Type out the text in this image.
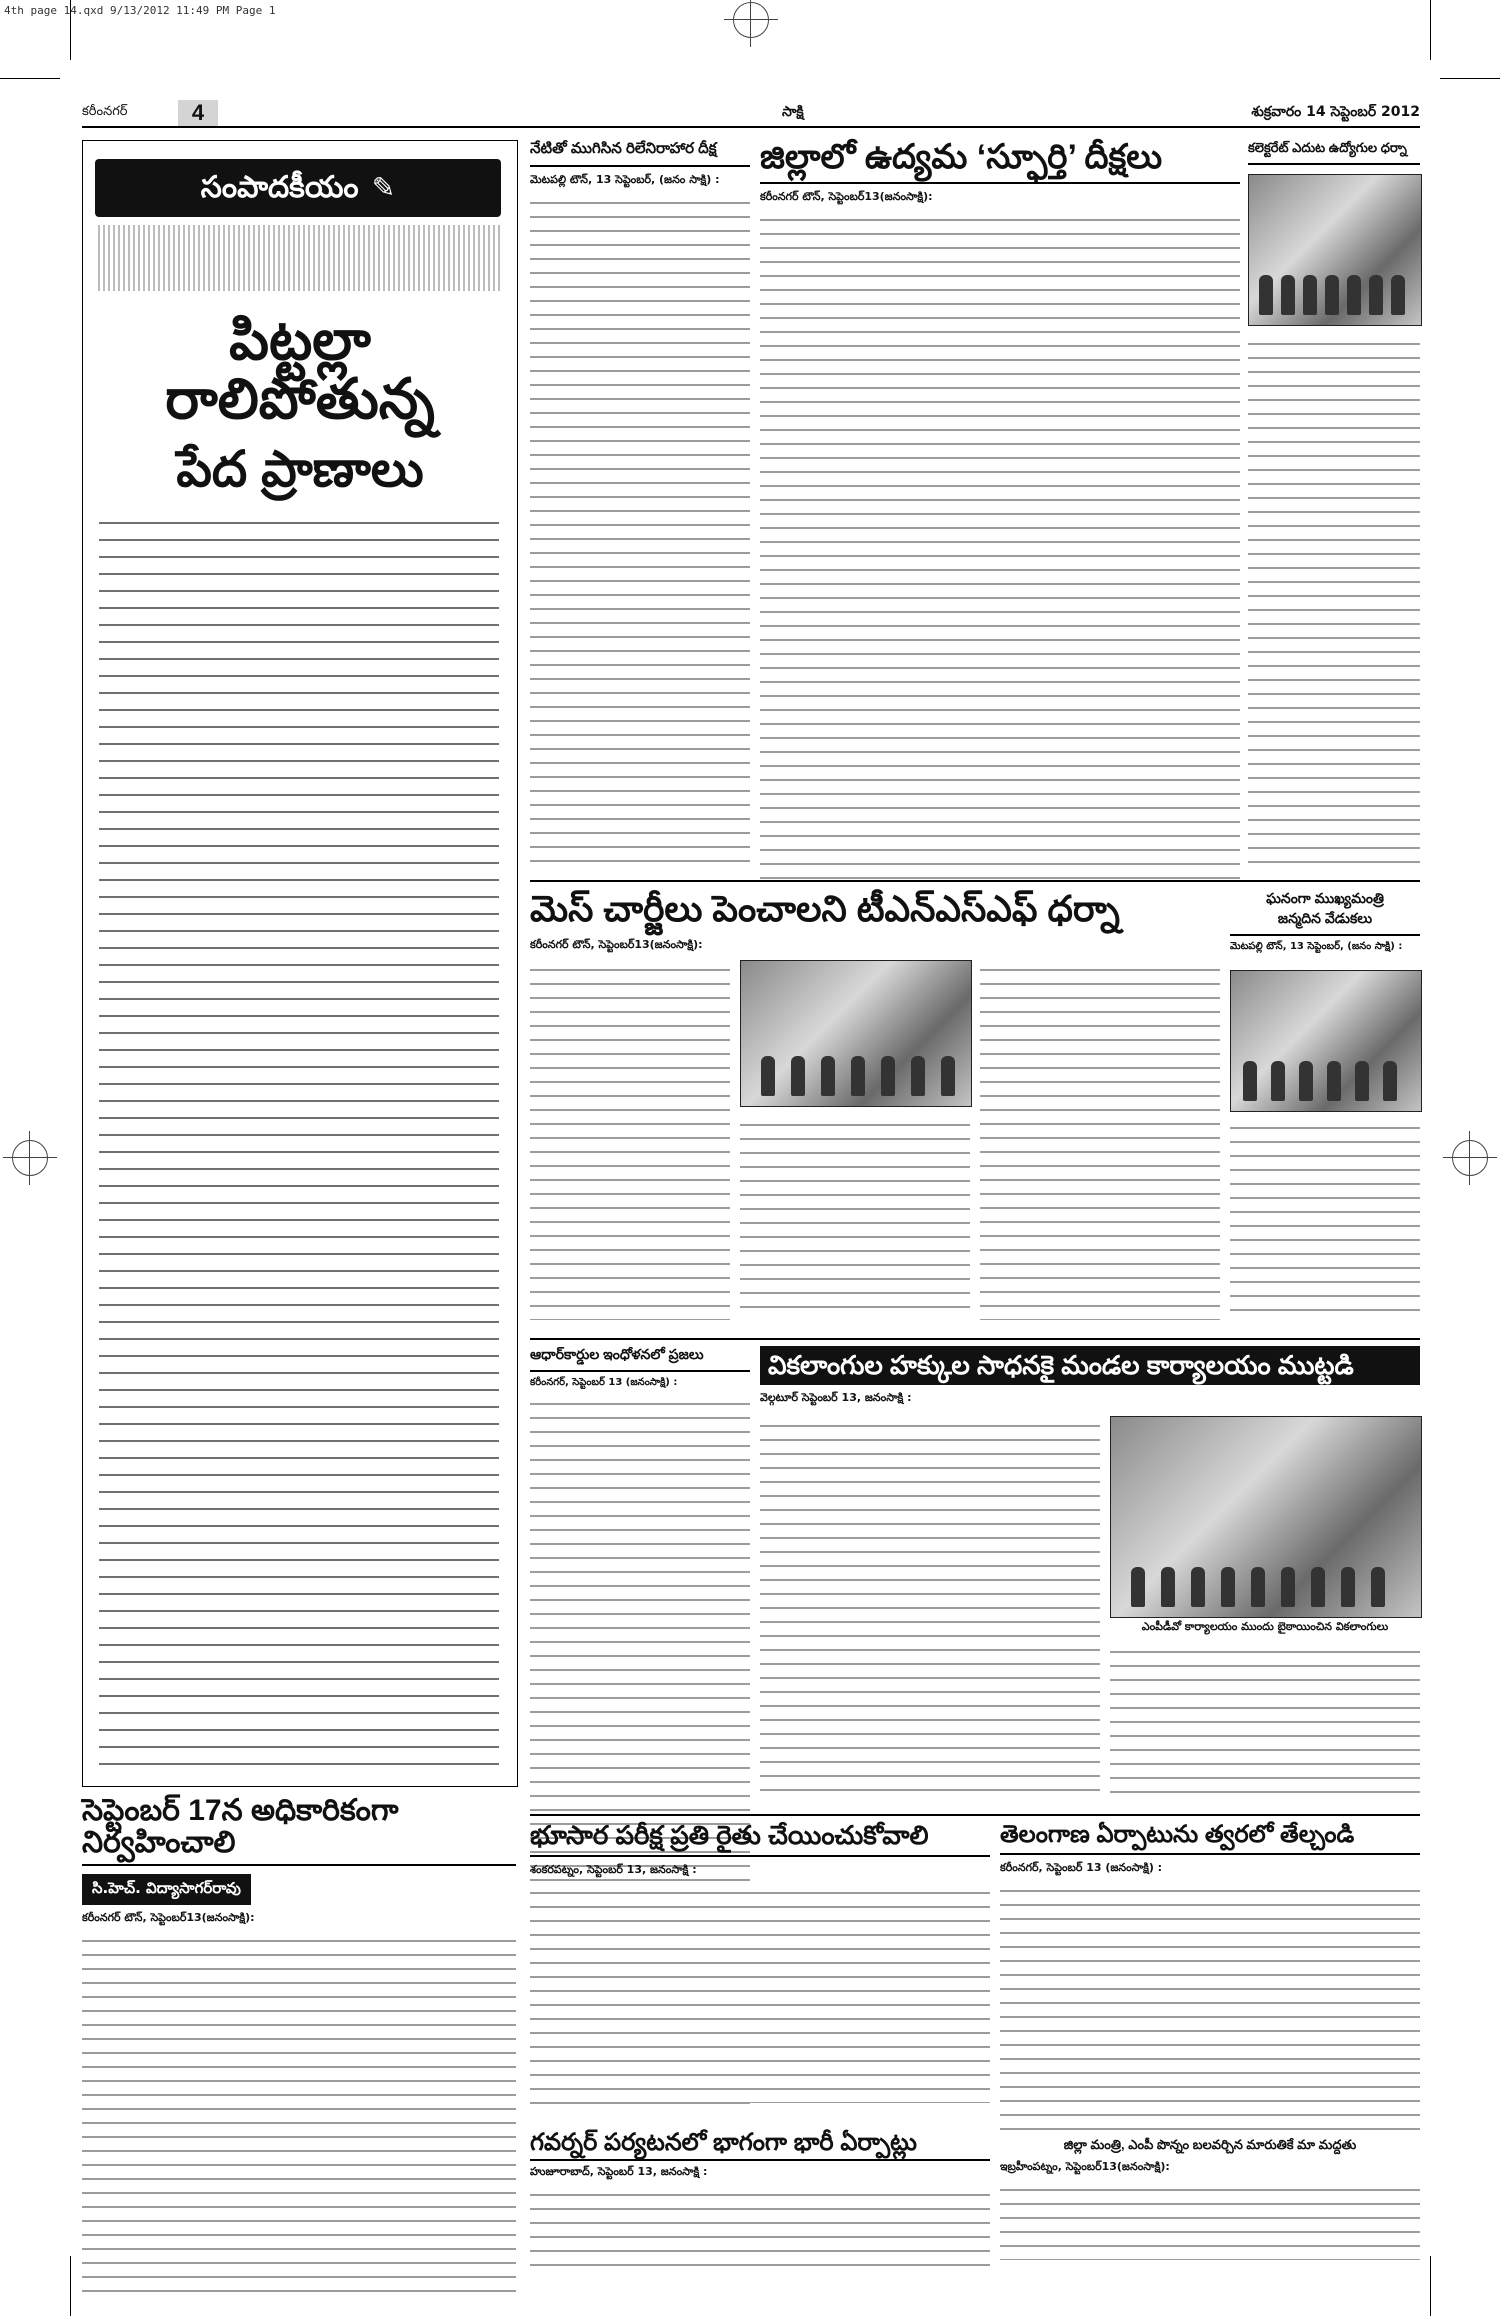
4th page 14.qxd 9/13/2012 11:49 PM Page 1
కరీంనగర్	4	సాక్షి	శుక్రవారం 14 సెప్టెంబర్ 2012
సంపాదకీయం ✎
పిట్టల్లా రాలిపోతున్న
పేద ప్రాణాలు
నేటితో ముగిసిన రిలేనిరాహార దీక్ష
మెటపల్లి టౌన్, 13 సెప్టెంబర్, (జనం సాక్షి) :
జిల్లాలో ఉద్యమ ‘స్ఫూర్తి’ దీక్షలు
కరీంనగర్ టౌన్, సెప్టెంబర్13(జనంసాక్షి):
కలెక్టరేట్ ఎదుట ఉద్యోగుల ధర్నా
మెస్ చార్జీలు పెంచాలని టీఎన్ఎస్ఎఫ్ ధర్నా
కరీంనగర్ టౌన్, సెప్టెంబర్13(జనంసాక్షి):
ఘనంగా ముఖ్యమంత్రి
జన్మదిన వేడుకలు
మెటపల్లి టౌన్, 13 సెప్టెంబర్, (జనం సాక్షి) :
ఆధార్‌కార్డుల ఇంధోళనలో ప్రజలు
కరీంనగర్, సెప్టెంబర్ 13 (జనంసాక్షి) :
వికలాంగుల హక్కుల సాధనకై మండల కార్యాలయం ముట్టడి
వెల్గటూర్ సెప్టెంబర్ 13, జనంసాక్షి :
ఎంపీడీవో కార్యాలయం ముందు బైఠాయించిన వికలాంగులు
సెప్టెంబర్ 17న అధికారికంగా నిర్వహించాలి
సి.హెచ్. విద్యాసాగర్‌రావు
కరీంనగర్ టౌన్, సెప్టెంబర్13(జనంసాక్షి):
భూసార పరీక్ష ప్రతి రైతు చేయించుకోవాలి
శంకరపట్నం, సెప్టెంబర్ 13, జనంసాక్షి :
గవర్నర్ పర్యటనలో భాగంగా భారీ ఏర్పాట్లు
హుజూరాబాద్, సెప్టెంబర్ 13, జనంసాక్షి :
తెలంగాణ ఏర్పాటును త్వరలో తేల్చండి
కరీంనగర్, సెప్టెంబర్ 13 (జనంసాక్షి) :
జిల్లా మంత్రి, ఎంపీ పొన్నం బలవర్చిన మారుతికే మా మద్దతు
ఇబ్రహీంపట్నం, సెప్టెంబర్13(జనంసాక్షి):
